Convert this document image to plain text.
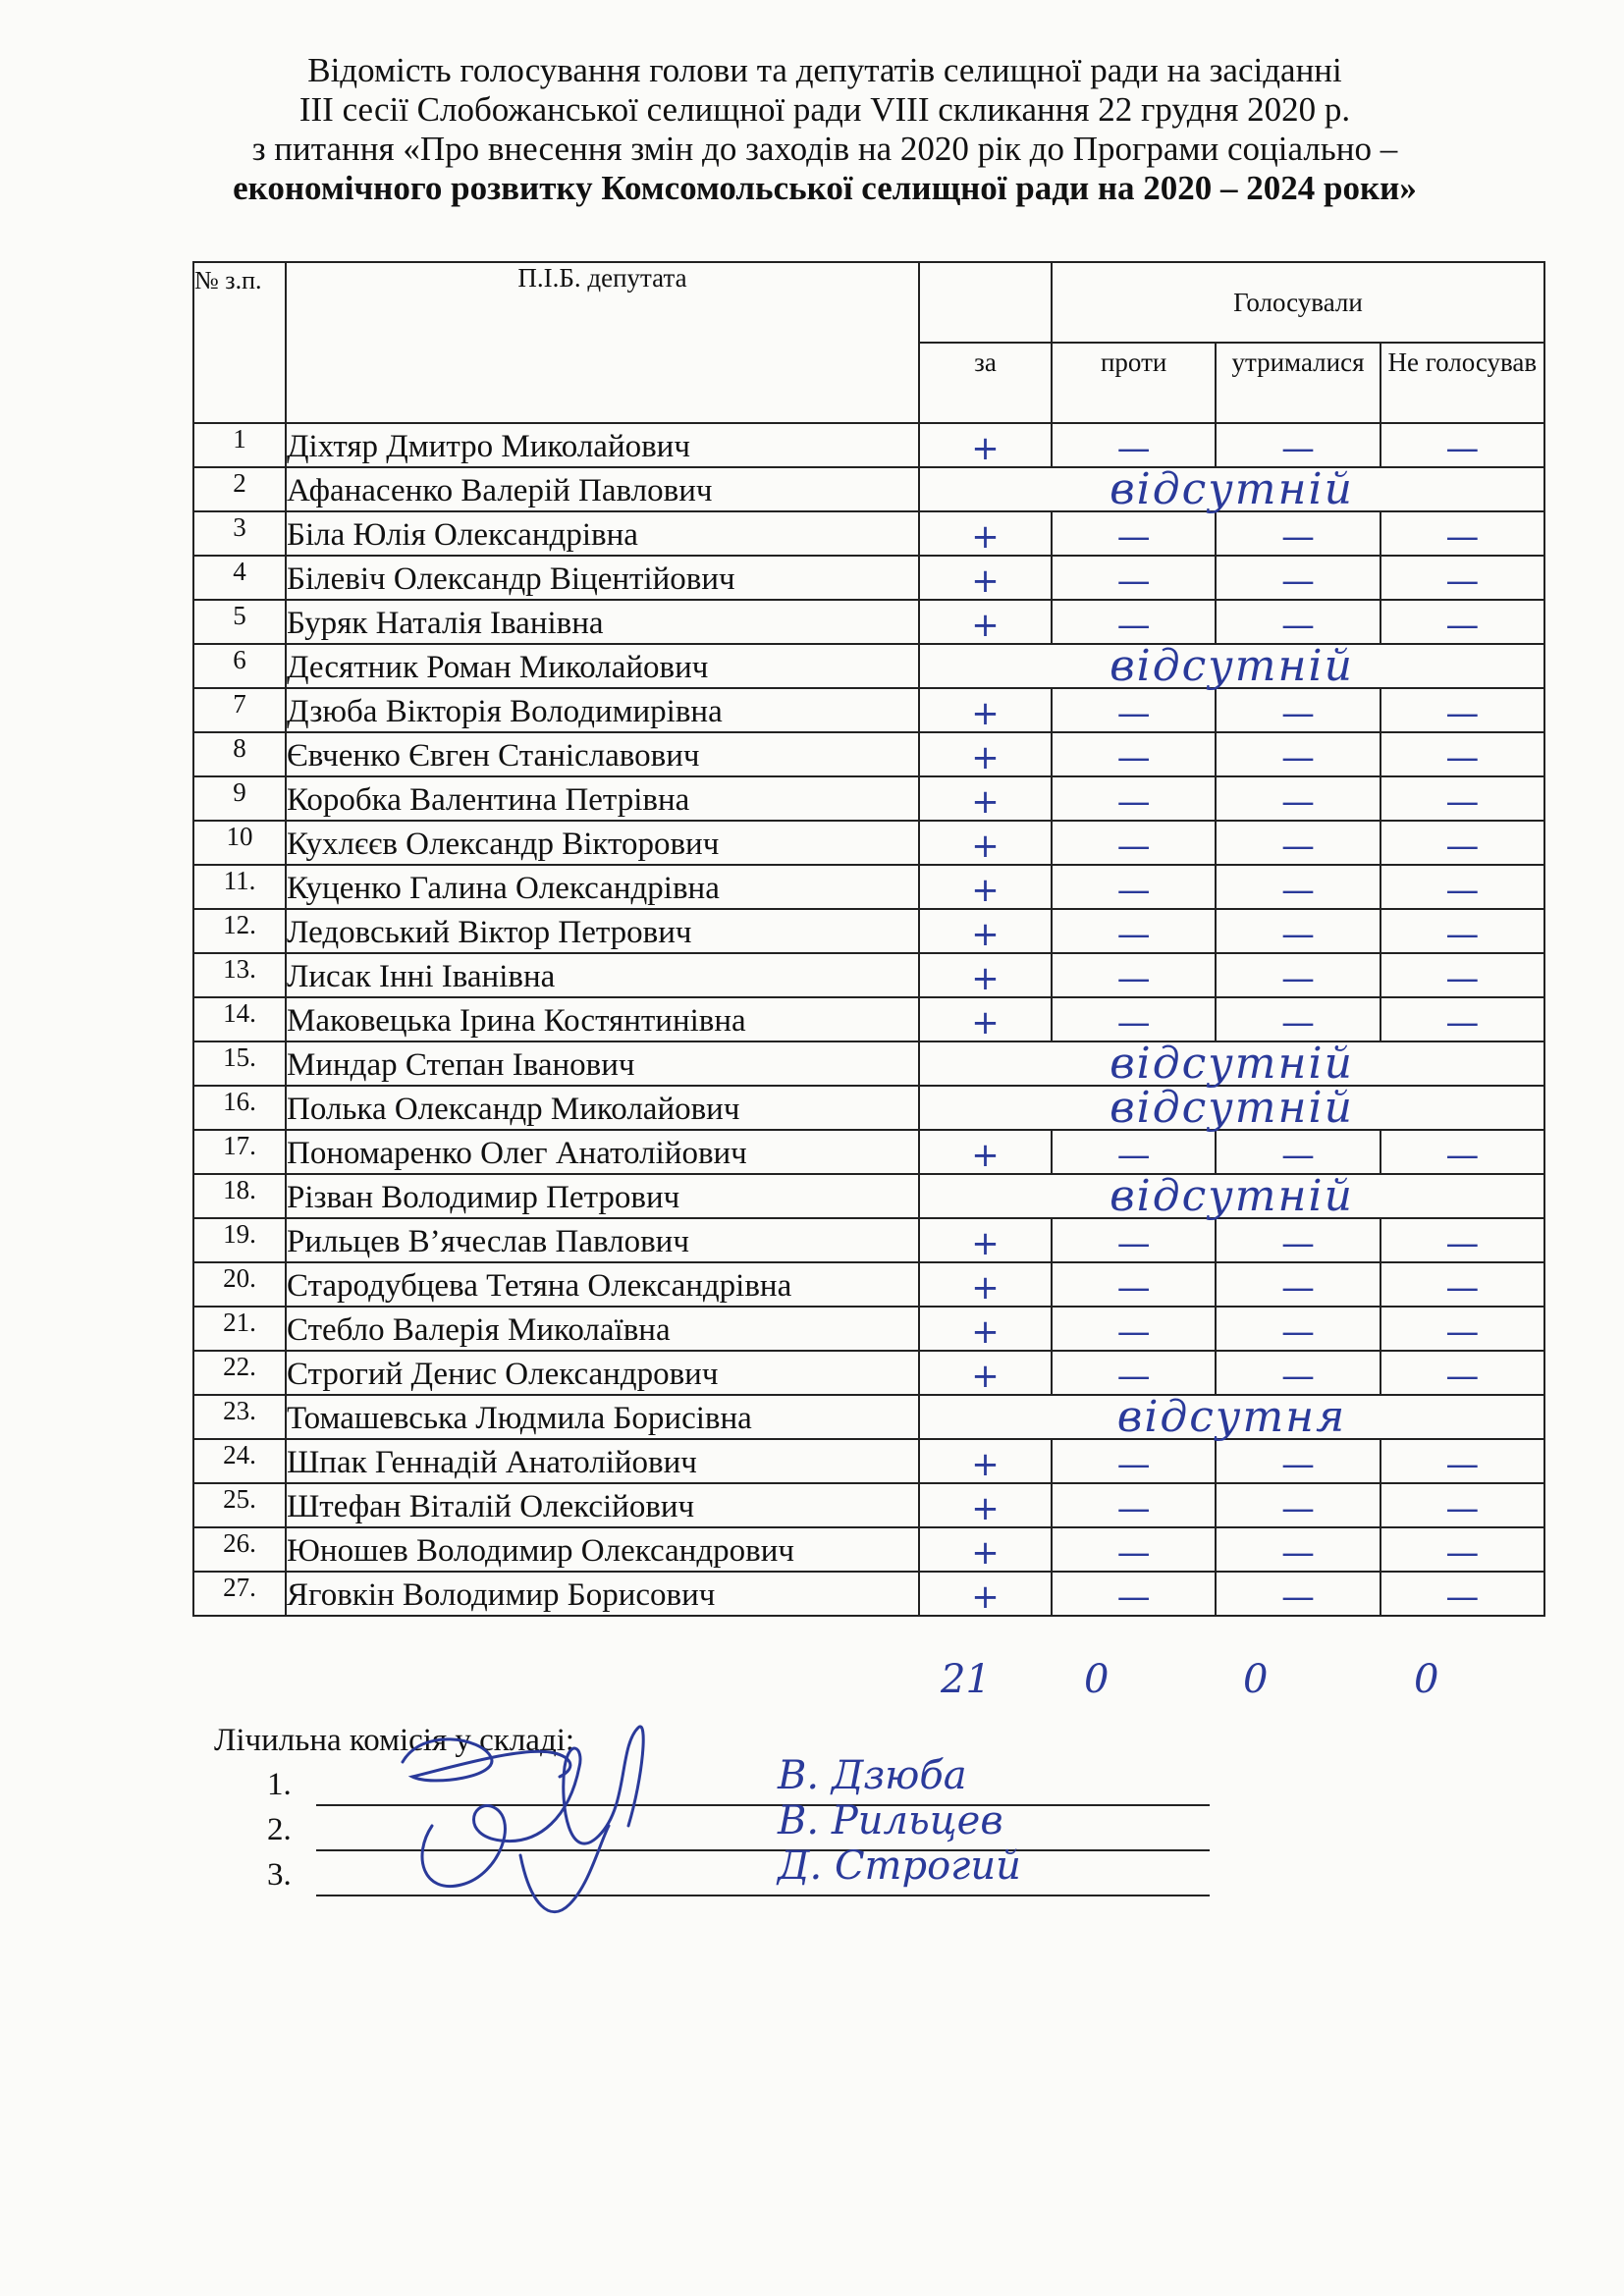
Відомість голосування голови та депутатів селищної ради на засіданні
ІІІ сесії Слобожанської селищної ради VІІІ скликання 22 грудня 2020 р.
з питання «Про внесення змін до заходів на 2020 рік до Програми соціально –
економічного розвитку Комсомольської селищної ради на 2020 – 2024 роки»
№ з.п.	П.І.Б. депутата		Голосували		
		за	проти	утрималися	Не голосував
1	Діхтяр Дмитро Миколайович	+	—	—	—
2	Афанасенко Валерій Павлович	відсутній			
3	Біла Юлія Олександрівна	+	—	—	—
4	Білевіч Олександр Віцентійович	+	—	—	—
5	Буряк Наталія Іванівна	+	—	—	—
6	Десятник Роман Миколайович	відсутній			
7	Дзюба Вікторія Володимирівна	+	—	—	—
8	Євченко Євген Станіславович	+	—	—	—
9	Коробка Валентина Петрівна	+	—	—	—
10	Кухлєєв Олександр Вікторович	+	—	—	—
11.	Куценко Галина Олександрівна	+	—	—	—
12.	Ледовський Віктор Петрович	+	—	—	—
13.	Лисак Інні Іванівна	+	—	—	—
14.	Маковецька Ірина Костянтинівна	+	—	—	—
15.	Миндар Степан Іванович	відсутній			
16.	Полька Олександр Миколайович	відсутній			
17.	Пономаренко Олег Анатолійович	+	—	—	—
18.	Різван Володимир Петрович	відсутній			
19.	Рильцев В’ячеслав Павлович	+	—	—	—
20.	Стародубцева Тетяна Олександрівна	+	—	—	—
21.	Стебло Валерія Миколаївна	+	—	—	—
22.	Строгий Денис Олександрович	+	—	—	—
23.	Томашевська Людмила Борисівна	відсутня			
24.	Шпак Геннадій Анатолійович	+	—	—	—
25.	Штефан Віталій Олексійович	+	—	—	—
26.	Юношев Володимир Олександрович	+	—	—	—
27.	Яговкін Володимир Борисович	+	—	—	—
21 0	0	0
Лічильна комісія у складі:
1.	В. Дзюба
2.	В. Рильцев
3.	Д. Строгий
